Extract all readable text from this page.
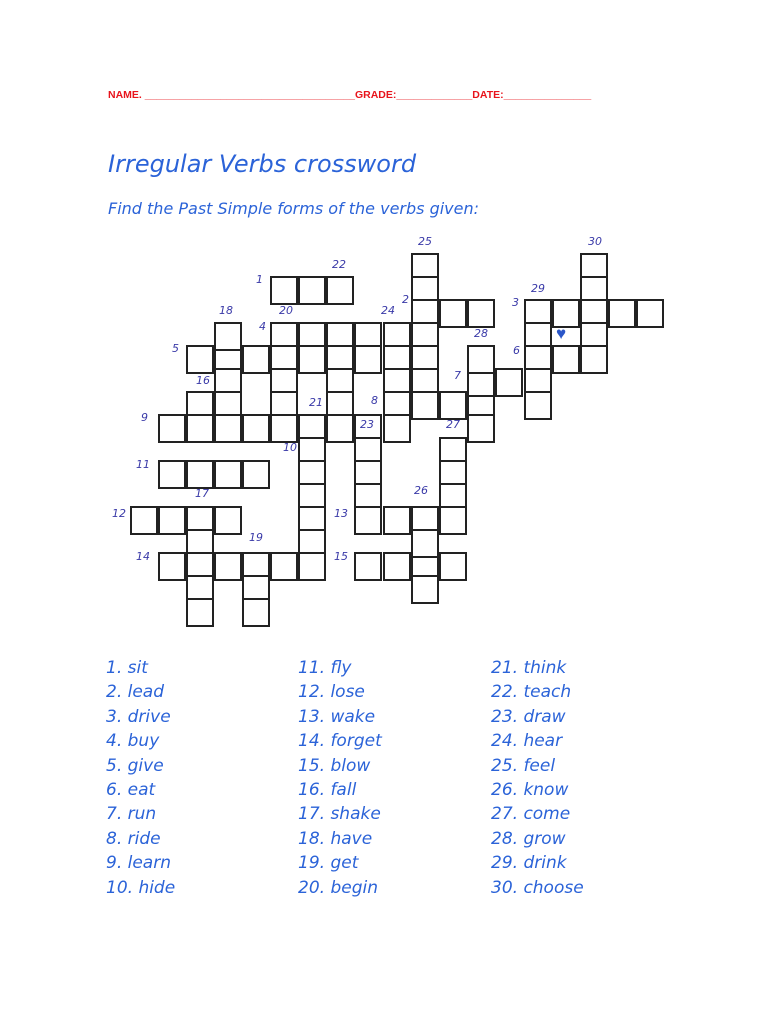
NAME. ____________________________________GRADE:_____________DATE:_______________
Irregular Verbs crossword
Find the Past Simple forms of the verbs given:
♥
1
22
25	30
2	3
29
18	20	24
4
28
5	6
16	7
21	8
9
23	27
10
11
17	26
12	13
19
14	15
1. sit
2. lead
3. drive
4. buy
5. give
6. eat
7. run
8. ride
9. learn
10. hide
11. fly
12. lose
13. wake
14. forget
15. blow
16. fall
17. shake
18. have
19. get
20. begin
21. think
22. teach
23. draw
24. hear
25. feel
26. know
27. come
28. grow
29. drink
30. choose
